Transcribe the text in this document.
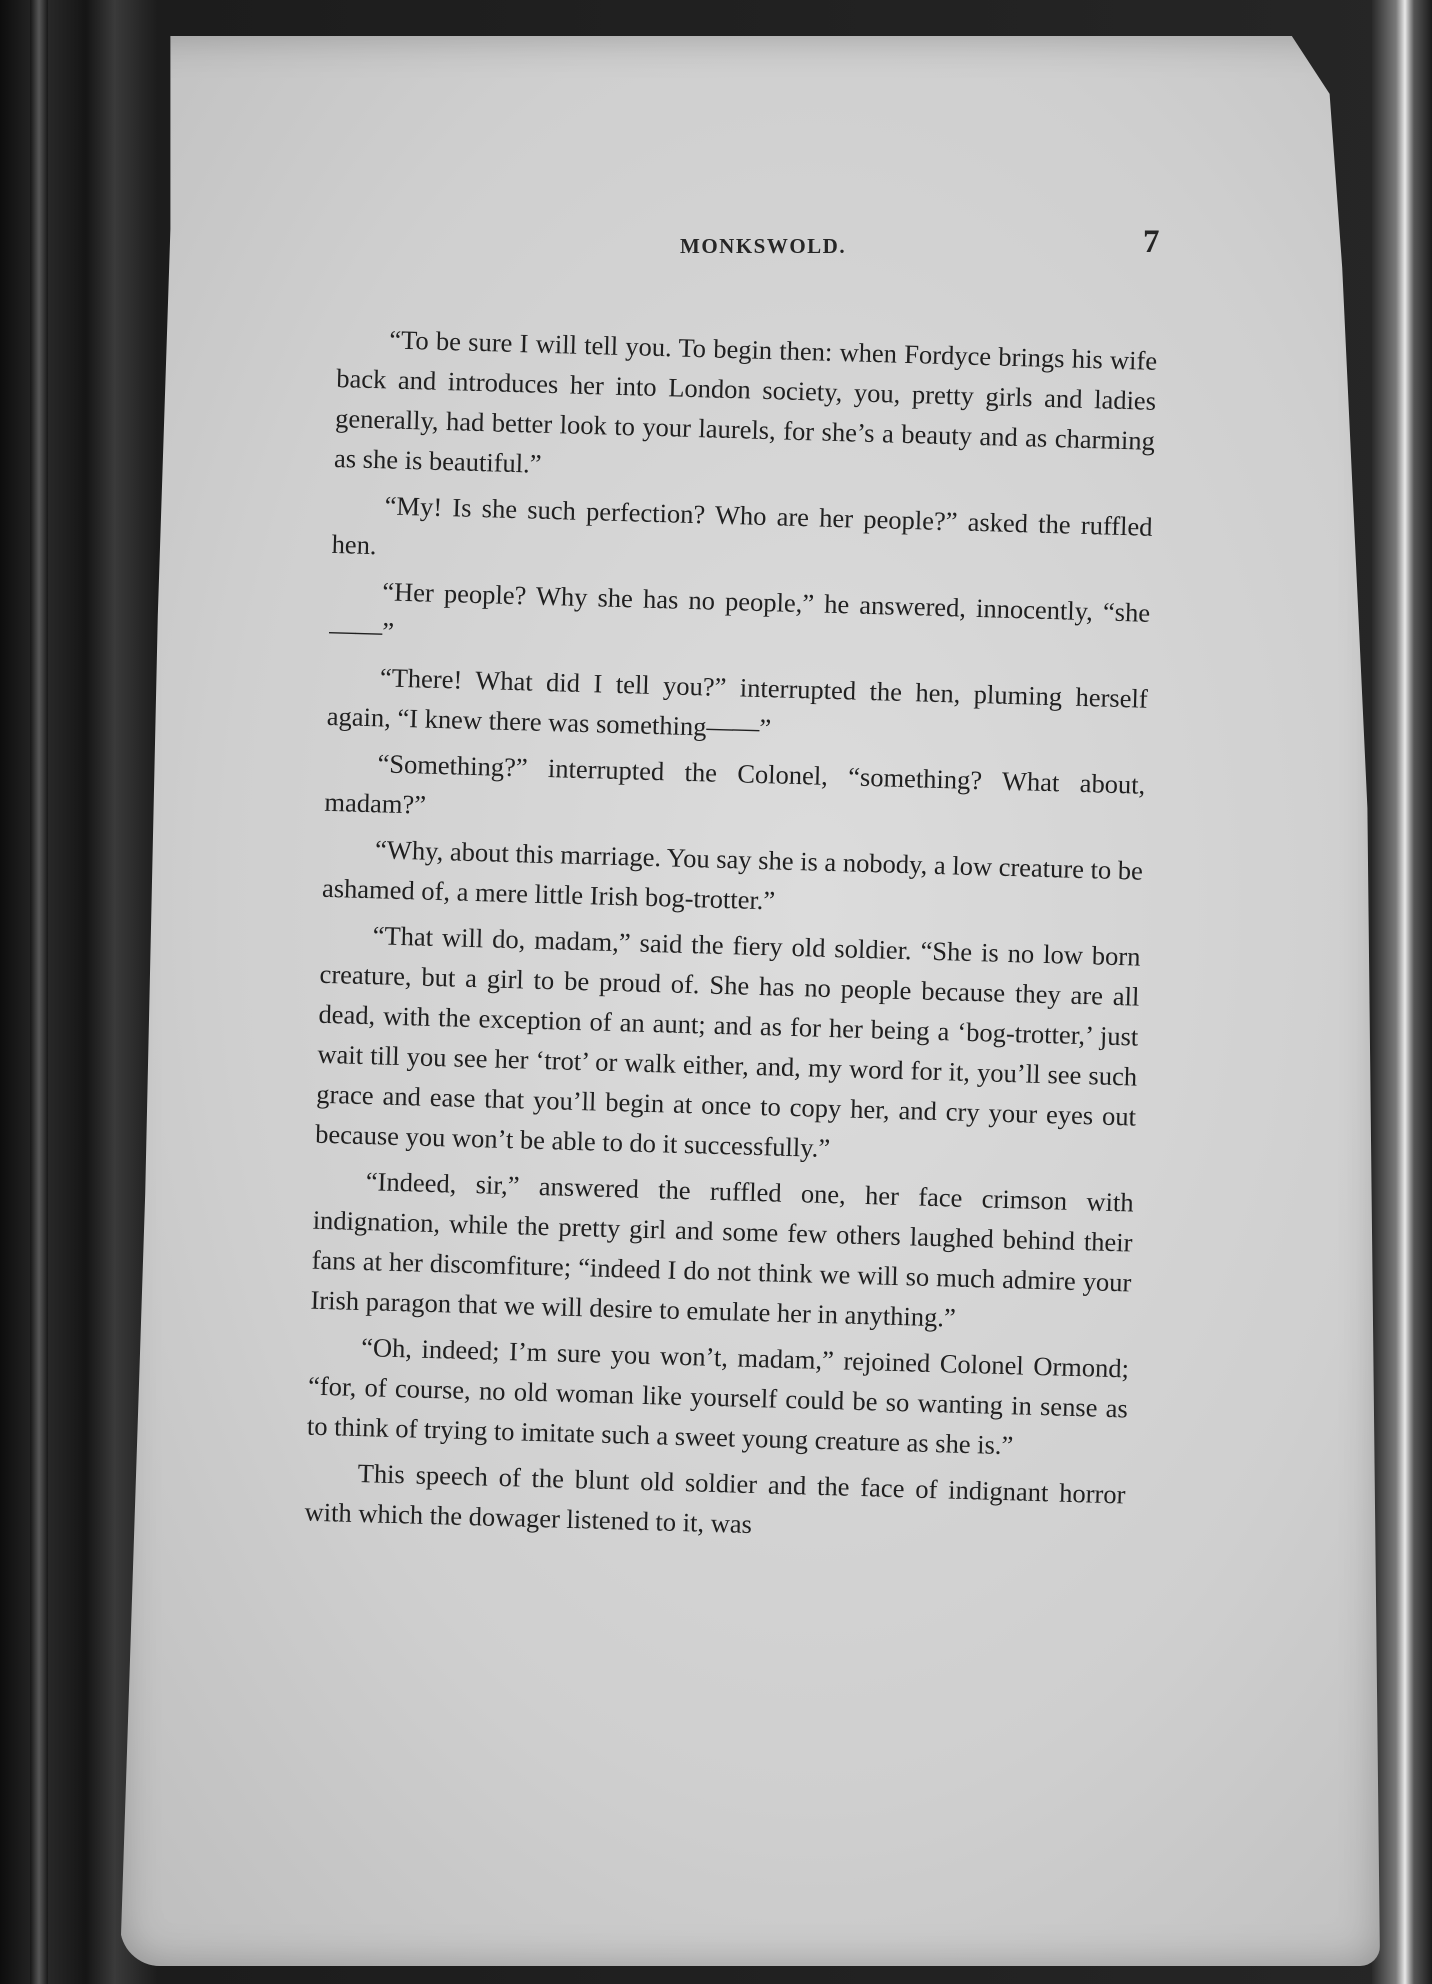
MONKSWOLD.	7

“To be sure I will tell you. To begin then: when Fordyce brings his wife back and introduces her into London society, you, pretty girls and ladies generally, had better look to your laurels, for she’s a beauty and as charming as she is beautiful.”

“My! Is she such perfection? Who are her people?” asked the ruffled hen.

“Her people? Why she has no people,” he answered, innocently, “she——”

“There! What did I tell you?” interrupted the hen, pluming herself again, “I knew there was something——”

“Something?” interrupted the Colonel, “something? What about, madam?”

“Why, about this marriage. You say she is a nobody, a low creature to be ashamed of, a mere little Irish bog-trotter.”

“That will do, madam,” said the fiery old soldier. “She is no low born creature, but a girl to be proud of. She has no people because they are all dead, with the exception of an aunt; and as for her being a ‘bog-trotter,’ just wait till you see her ‘trot’ or walk either, and, my word for it, you’ll see such grace and ease that you’ll begin at once to copy her, and cry your eyes out because you won’t be able to do it successfully.”

“Indeed, sir,” answered the ruffled one, her face crimson with indignation, while the pretty girl and some few others laughed behind their fans at her discomfiture; “indeed I do not think we will so much admire your Irish paragon that we will desire to emulate her in anything.”

“Oh, indeed; I’m sure you won’t, madam,” rejoined Colonel Ormond; “for, of course, no old woman like yourself could be so wanting in sense as to think of trying to imitate such a sweet young creature as she is.”

This speech of the blunt old soldier and the face of indignant horror with which the dowager listened to it, was
